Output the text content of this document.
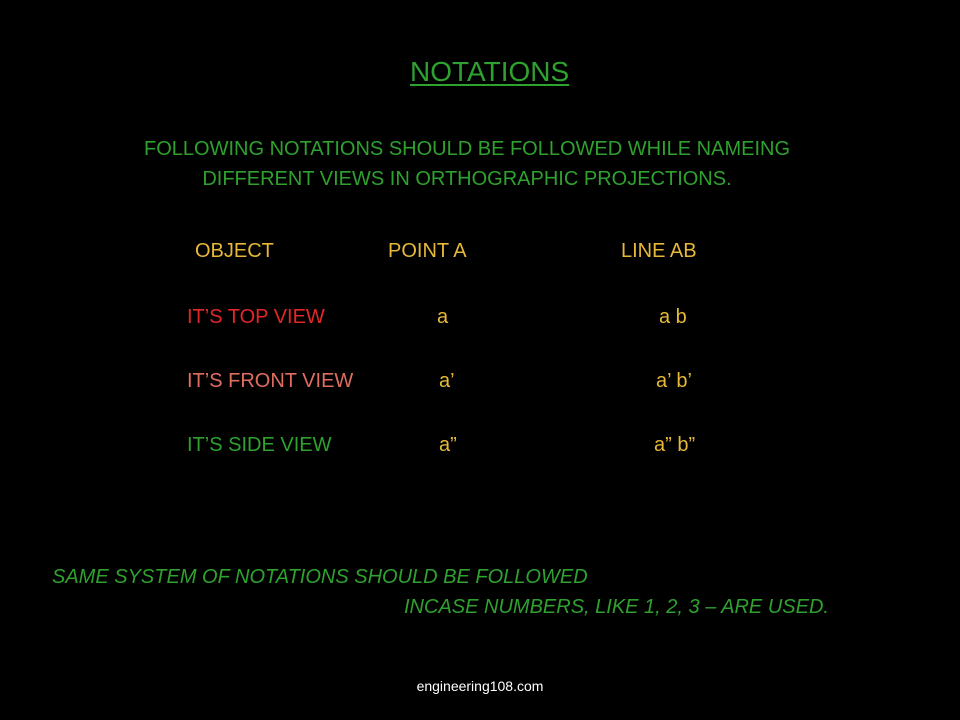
NOTATIONS
FOLLOWING NOTATIONS SHOULD BE FOLLOWED WHILE NAMEING
DIFFERENT VIEWS IN ORTHOGRAPHIC PROJECTIONS.
OBJECT	POINT A	LINE AB
IT’S TOP VIEW	a	a b
IT’S FRONT VIEW	a’	a’ b’
IT’S SIDE VIEW	a”	a” b”
SAME SYSTEM OF NOTATIONS SHOULD BE FOLLOWED
INCASE NUMBERS, LIKE 1, 2, 3 – ARE USED.
engineering108.com
